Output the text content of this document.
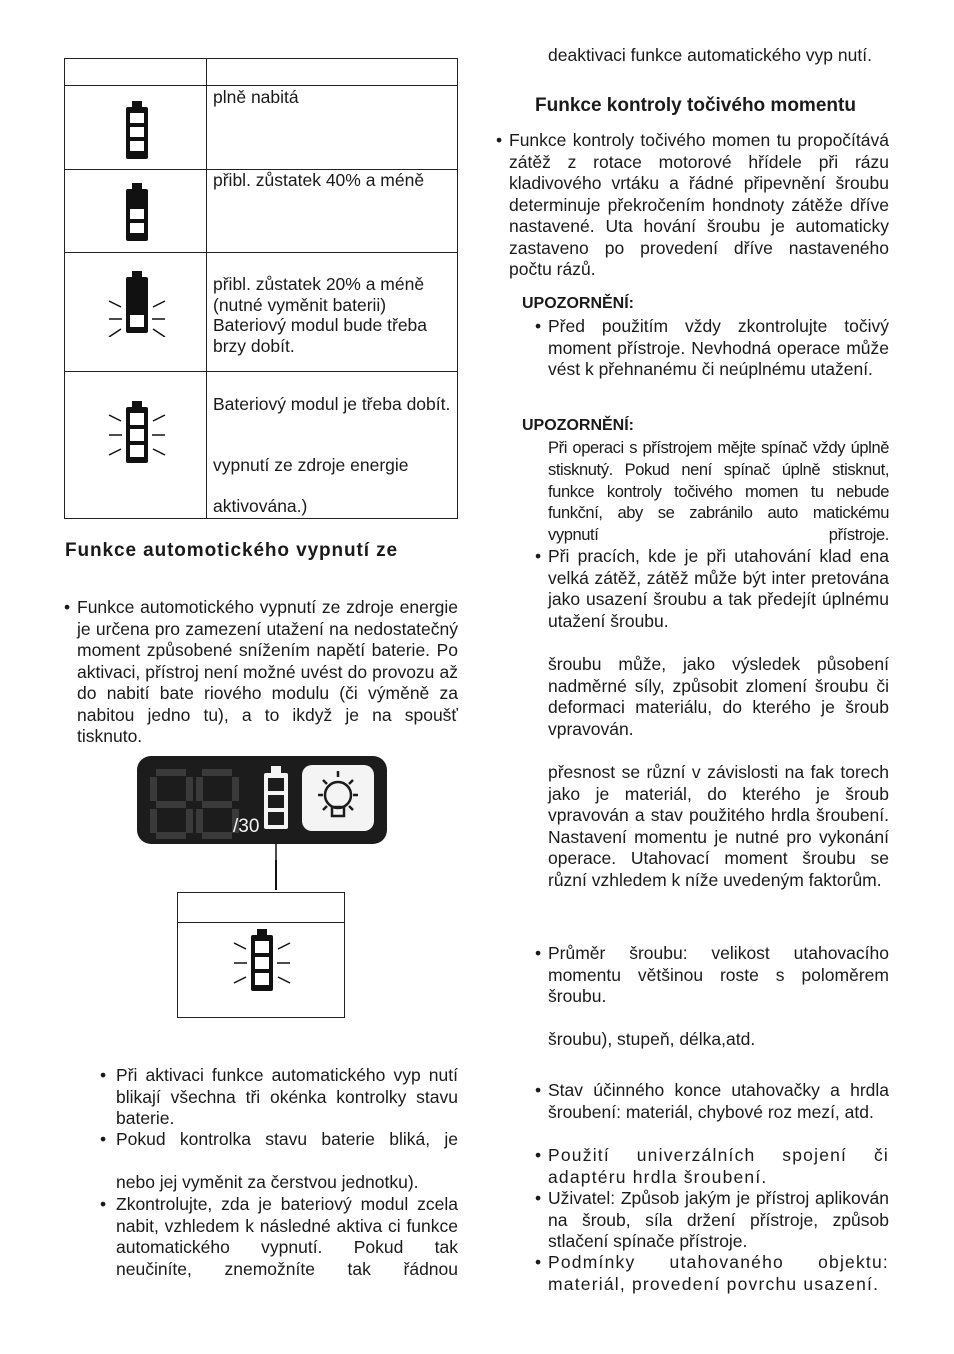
plně nabitá
přibl. zůstatek 40% a méně
přibl. zůstatek 20% a méně (nutné vyměnit baterii) Bateriový modul bude třeba brzy dobít.
Bateriový modul je třeba dobít.
vypnutí ze zdroje energie
aktivována.)
Funkce automotického vypnutí ze
• Funkce automotického vypnutí ze zdroje energie je určena pro zamezení utažení na nedostatečný moment způsobené snížením napětí baterie. Po aktivaci, přístroj není možné uvést do provozu až do nabití bate riového modulu (či výměně za nabitou jedno tu), a to ikdyž je na spoušť tisknuto.
/30
• Při aktivaci funkce automatického vyp nutí blikají všechna tři okénka kontrolky stavu baterie.
• Pokud kontrolka stavu baterie bliká, je
nebo jej vyměnit za čerstvou jednotku).
• Zkontrolujte, zda je bateriový modul zcela nabit, vzhledem k následné aktiva ci funkce automatického vypnutí. Pokud tak neučiníte, znemožníte tak řádnou
deaktivaci funkce automatického vyp nutí.
Funkce kontroly točivého momentu
• Funkce kontroly točivého momen tu propočítává zátěž z rotace motorové hřídele při rázu kladivového vrtáku a řádné připevnění šroubu determinuje překročením hondnoty zátěže dříve nastavené. Uta hování šroubu je automaticky zastaveno po provedení dříve nastaveného počtu rázů.
UPOZORNĚNÍ:
• Před použitím vždy zkontrolujte točivý moment přístroje. Nevhodná operace může vést k přehnanému či neúplnému utažení.
UPOZORNĚNÍ:
Při operaci s přístrojem mějte spínač vždy úplně stisknutý. Pokud není spínač úplně stisknut, funkce kontroly točivého momen tu nebude funkční, aby se zabránilo auto matickému vypnutí přístroje.
• Při pracích, kde je při utahování klad ena velká zátěž, zátěž může být inter pretována jako usazení šroubu a tak předejít úplnému utažení šroubu.
šroubu může, jako výsledek působení nadměrné síly, způsobit zlomení šroubu či deformaci materiálu, do kterého je šroub vpravován.
přesnost se různí v závislosti na fak torech jako je materiál, do kterého je šroub vpravován a stav použitého hrdla šroubení. Nastavení momentu je nutné pro vykonání operace. Utahovací moment šroubu se různí vzhledem k níže uvedeným faktorům.
• Průměr šroubu: velikost utahovacího momentu většinou roste s poloměrem šroubu.
šroubu), stupeň, délka,atd.
• Stav účinného konce utahovačky a hrdla šroubení: materiál, chybové roz mezí, atd.
• Použití univerzálních spojení či adaptéru hrdla šroubení.
• Uživatel: Způsob jakým je přístroj aplikován na šroub, síla držení přístroje, způsob stlačení spínače přístroje.
• Podmínky utahovaného objektu: materiál, provedení povrchu usazení.
